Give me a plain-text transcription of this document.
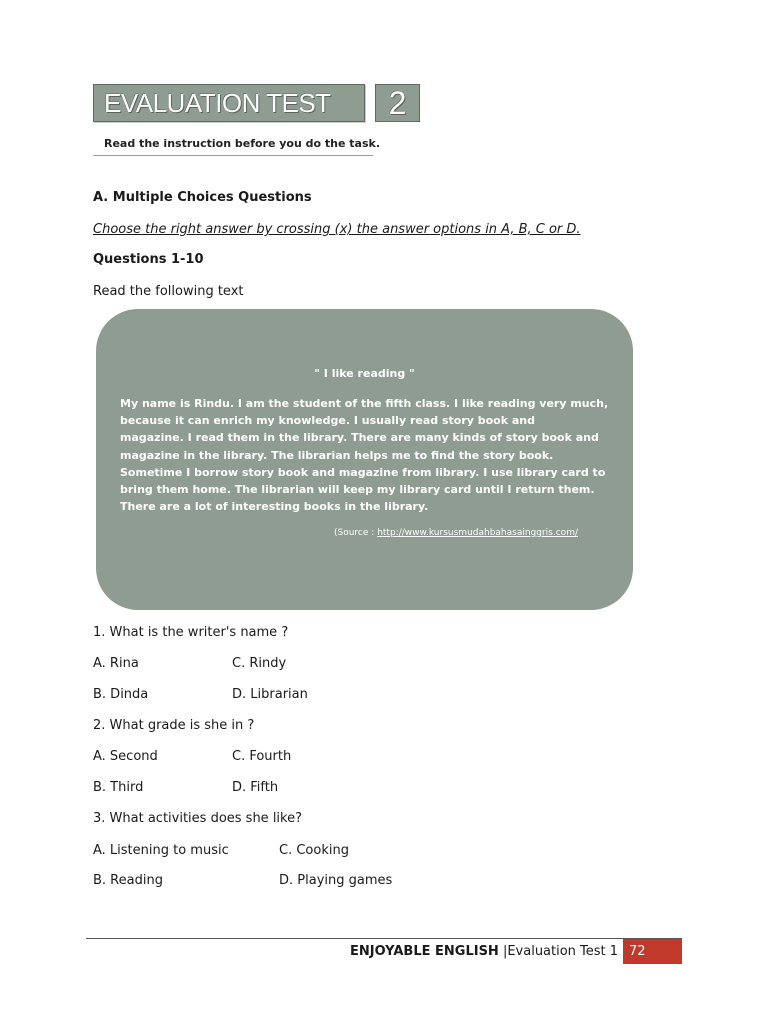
EVALUATION TEST	2
Read the instruction before you do the task.
A. Multiple Choices Questions
Choose the right answer by crossing (x) the answer options in A, B, C or D.
Questions 1-10
Read the following text
" I like reading "
My name is Rindu. I am the student of the fifth class. I like reading very much,
because it can enrich my knowledge. I usually read story book and
magazine. I read them in the library. There are many kinds of story book and
magazine in the library. The librarian helps me to find the story book.
Sometime I borrow story book and magazine from library. I use library card to
bring them home. The librarian will keep my library card until I return them.
There are a lot of interesting books in the library.
(Source : http://www.kursusmudahbahasainggris.com/
1. What is the writer's name ?
A. Rina	C. Rindy
B. Dinda	D. Librarian
2. What grade is she in ?
A. Second	C. Fourth
B. Third	D. Fifth
3. What activities does she like?
A. Listening to music	C. Cooking
B. Reading	D. Playing games
ENJOYABLE ENGLISH |Evaluation Test 1 72
